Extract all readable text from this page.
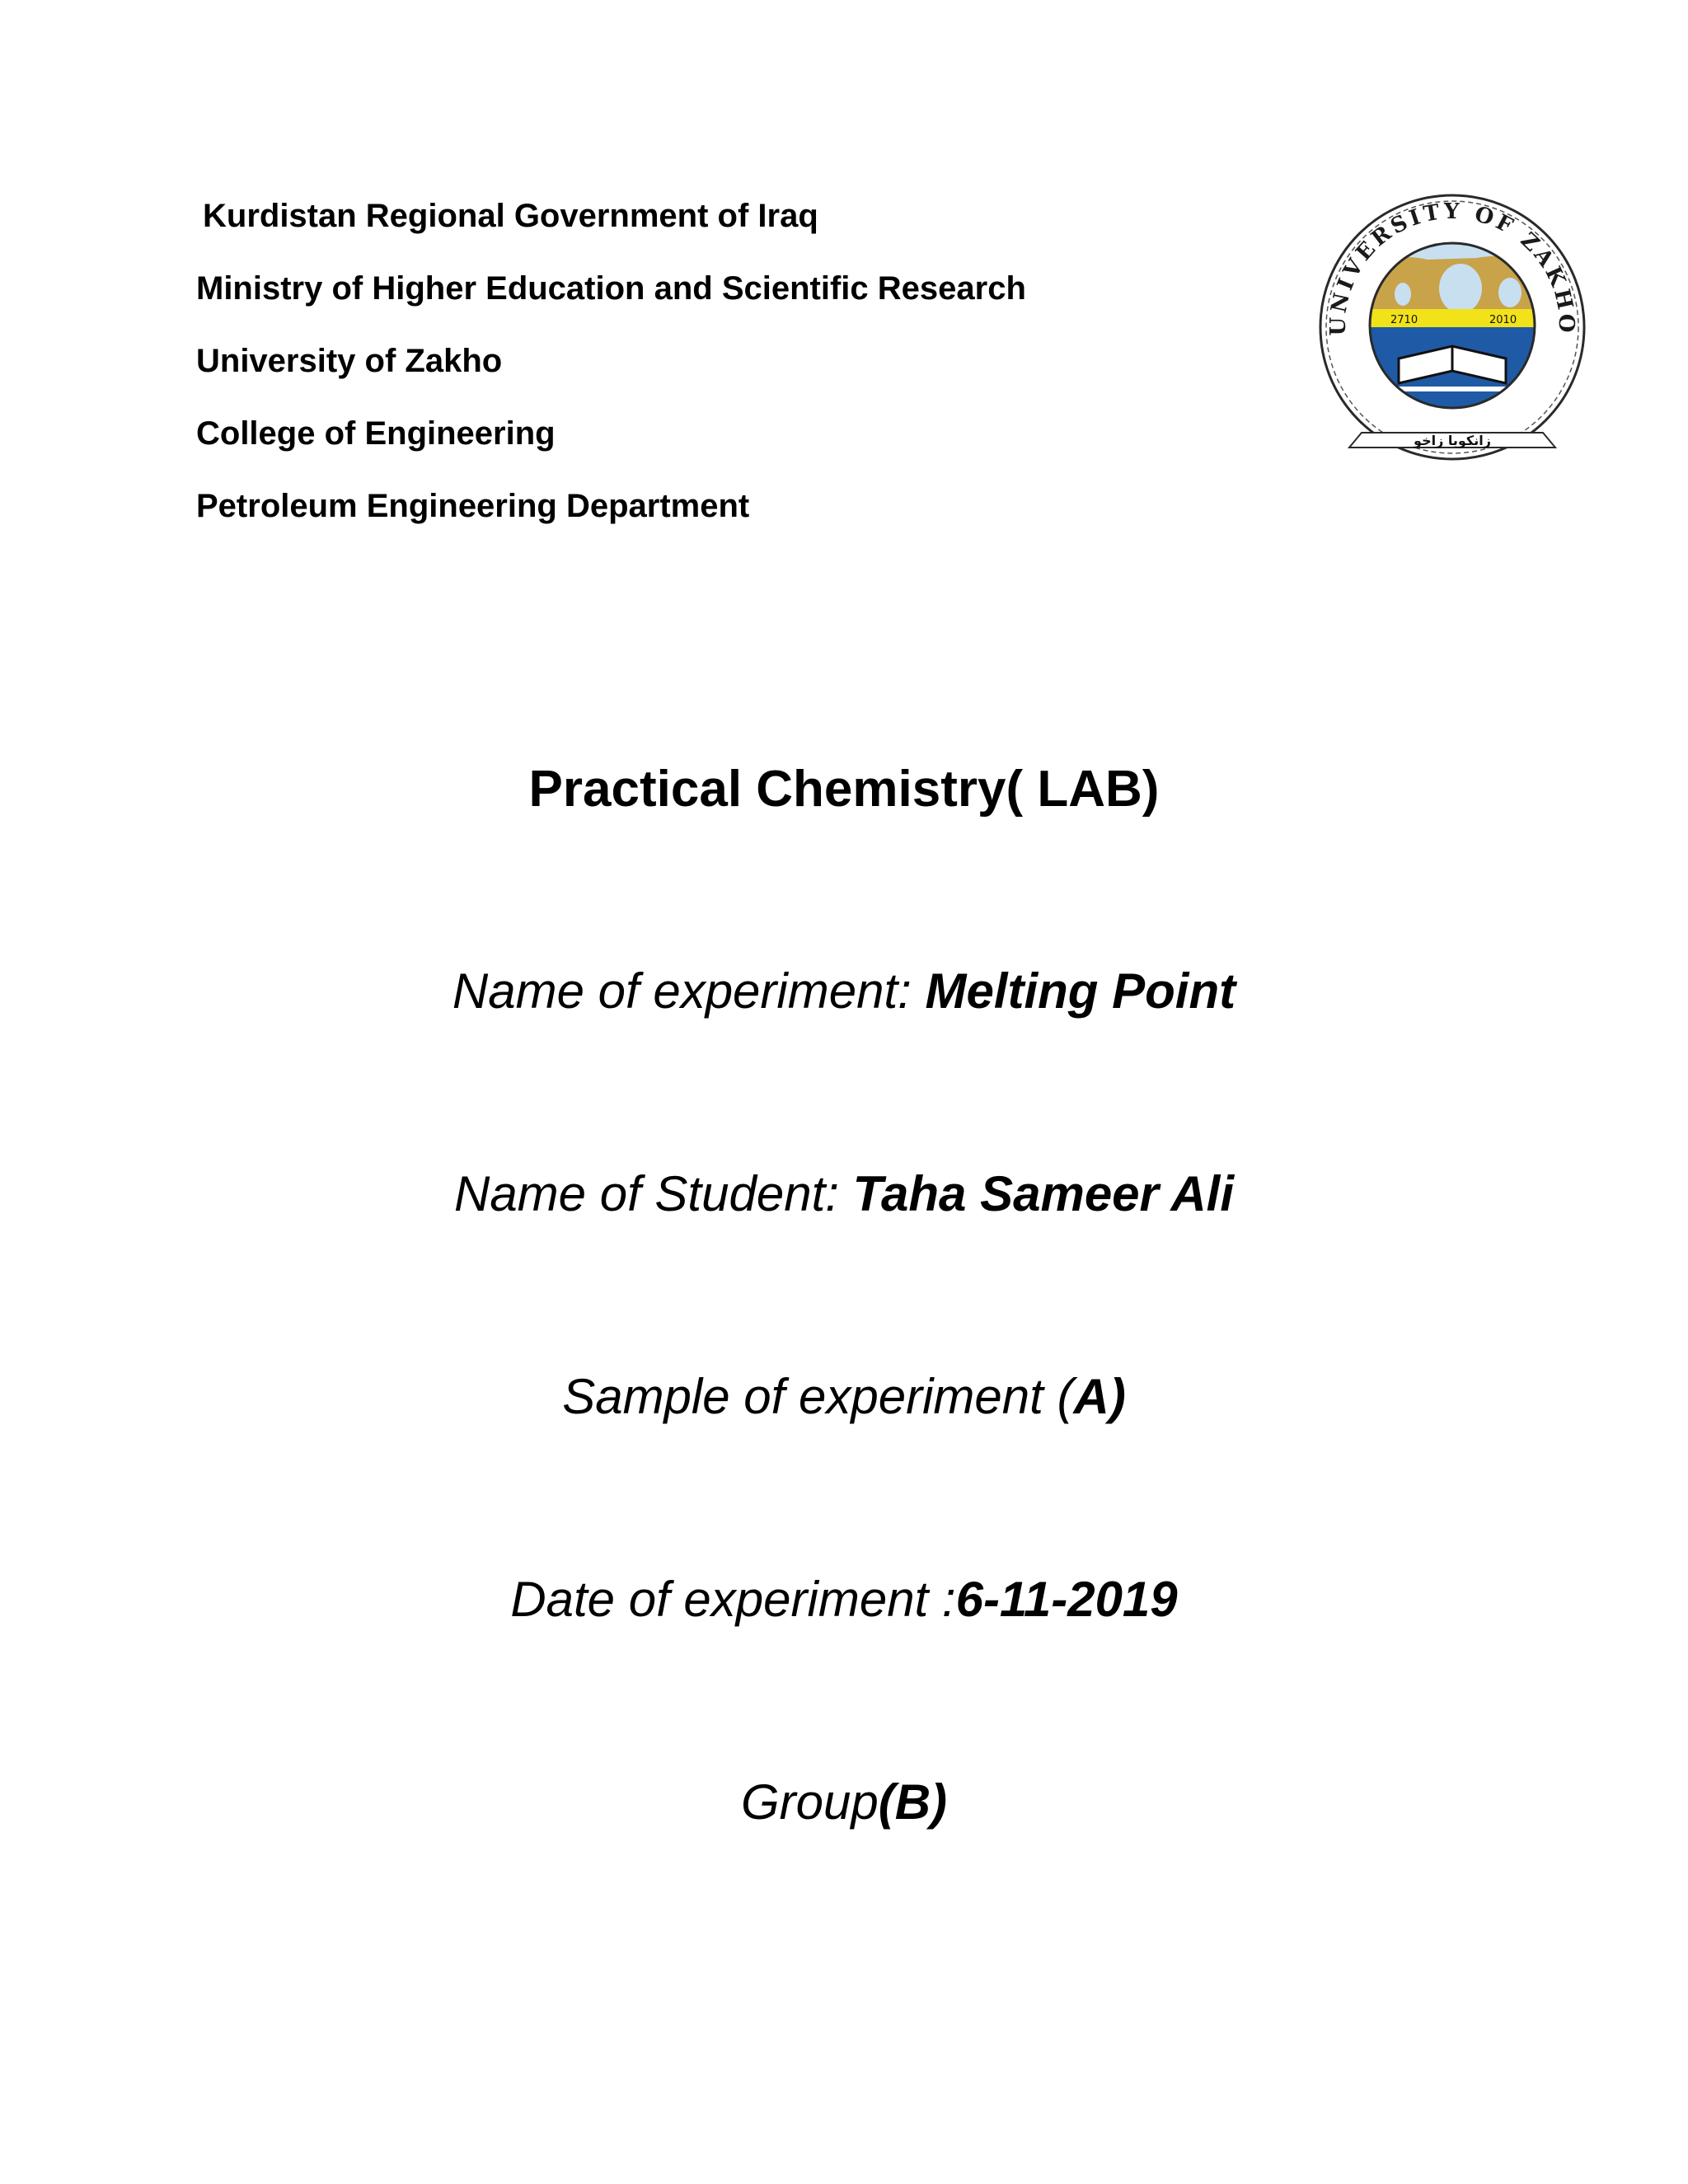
Kurdistan Regional Government of Iraq
Ministry of Higher Education and Scientific Research
University of Zakho
College of Engineering
Petroleum Engineering Department
UNIVERSITY OF ZAKHO
2710	2010
زانكويا زاخو
Practical Chemistry( LAB)
Name of experiment: Melting Point
Name of Student: Taha Sameer Ali
Sample of experiment (A)
Date of experiment :6-11-2019
Group(B)
